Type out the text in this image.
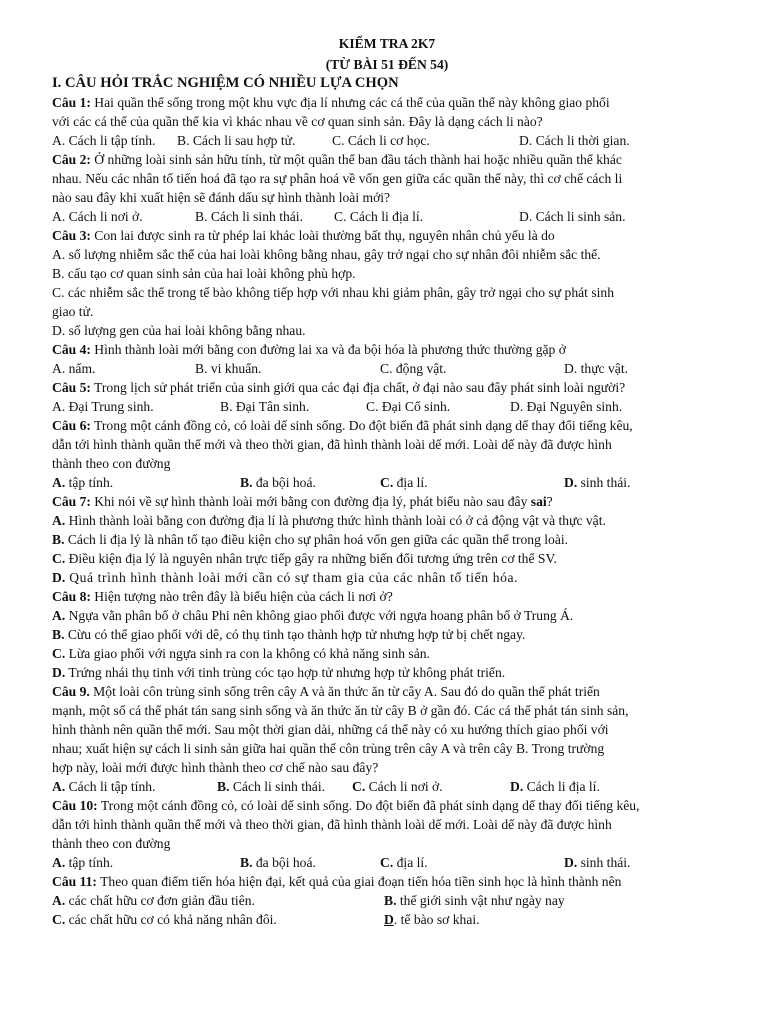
KIỂM TRA 2K7

(TỪ BÀI 51 ĐẾN 54)

I. CÂU HỎI TRẮC NGHIỆM CÓ NHIỀU LỰA CHỌN

Câu 1: Hai quần thể sống trong một khu vực địa lí nhưng các cá thể của quần thể này không giao phối

với các cá thể của quần thể kia vì khác nhau về cơ quan sinh sản. Đây là dạng cách li nào?

A. Cách li tập tính. B. Cách li sau hợp tử.	C. Cách li cơ học.	D. Cách li thời gian.

Câu 2: Ở những loài sinh sản hữu tính, từ một quần thể ban đầu tách thành hai hoặc nhiều quần thể khác

nhau. Nếu các nhân tố tiến hoá đã tạo ra sự phân hoá về vốn gen giữa các quần thể này, thì cơ chế cách li

nào sau đây khi xuất hiện sẽ đánh dấu sự hình thành loài mới?

A. Cách li nơi ở.	B. Cách li sinh thái. C. Cách li địa lí.	D. Cách li sinh sản.

Câu 3: Con lai được sinh ra từ phép lai khác loài thường bất thụ, nguyên nhân chủ yếu là do

A. số lượng nhiễm sắc thể của hai loài không bằng nhau, gây trở ngại cho sự nhân đôi nhiễm sắc thể.

B. cấu tạo cơ quan sinh sản của hai loài không phù hợp.

C. các nhiễm sắc thể trong tế bào không tiếp hợp với nhau khi giảm phân, gây trở ngại cho sự phát sinh

giao tử.

D. số lượng gen của hai loài không bằng nhau.

Câu 4: Hình thành loài mới bằng con đường lai xa và đa bội hóa là phương thức thường gặp ở

A. nấm.	B. vi khuẩn.	C. động vật.	D. thực vật.

Câu 5: Trong lịch sử phát triển của sinh giới qua các đại địa chất, ở đại nào sau đây phát sinh loài người?

A. Đại Trung sinh.	B. Đại Tân sinh.	C. Đại Cổ sinh.	D. Đại Nguyên sinh.

Câu 6: Trong một cánh đồng cỏ, có loài dế sinh sống. Do đột biến đã phát sinh dạng dế thay đổi tiếng kêu,

dẫn tới hình thành quần thể mới và theo thời gian, đã hình thành loài dế mới. Loài dế này đã được hình

thành theo con đường

A. tập tính.	B. đa bội hoá.	C. địa lí.	D. sinh thái.

Câu 7: Khi nói về sự hình thành loài mới bằng con đường địa lý, phát biểu nào sau đây sai?

A. Hình thành loài bằng con đường địa lí là phương thức hình thành loài có ở cả động vật và thực vật.

B. Cách li địa lý là nhân tố tạo điều kiện cho sự phân hoá vốn gen giữa các quần thể trong loài.

C. Điều kiện địa lý là nguyên nhân trực tiếp gây ra những biến đổi tương ứng trên cơ thể SV.

D. Quá trình hình thành loài mới cần có sự tham gia của các nhân tố tiến hóa.

Câu 8: Hiện tượng nào trên đây là biểu hiện của cách li nơi ở?

A. Ngựa vằn phân bố ở châu Phi nên không giao phối được với ngựa hoang phân bố ở Trung Á.

B. Cừu có thể giao phối với dê, có thụ tinh tạo thành hợp tử nhưng hợp tử bị chết ngay.

C. Lừa giao phối với ngựa sinh ra con la không có khả năng sinh sản.

D. Trứng nhái thụ tinh với tinh trùng cóc tạo hợp tử nhưng hợp tử không phát triển.

Câu 9. Một loài côn trùng sinh sống trên cây A và ăn thức ăn từ cây A. Sau đó do quần thể phát triển

mạnh, một số cá thể phát tán sang sinh sống và ăn thức ăn từ cây B ở gần đó. Các cá thể phát tán sinh sản,

hình thành nên quần thể mới. Sau một thời gian dài, những cá thể này có xu hướng thích giao phối với

nhau; xuất hiện sự cách li sinh sản giữa hai quần thể côn trùng trên cây A và trên cây B. Trong trường

hợp này, loài mới được hình thành theo cơ chế nào sau đây?

A. Cách li tập tính.	B. Cách li sinh thái. C. Cách li nơi ở.	D. Cách li địa lí.

Câu 10: Trong một cánh đồng cỏ, có loài dế sinh sống. Do đột biến đã phát sinh dạng dế thay đổi tiếng kêu,

dẫn tới hình thành quần thể mới và theo thời gian, đã hình thành loài dế mới. Loài dế này đã được hình

thành theo con đường

A. tập tính.	B. đa bội hoá.	C. địa lí.	D. sinh thái.

Câu 11: Theo quan điểm tiến hóa hiện đại, kết quả của giai đoạn tiến hóa tiền sinh học là hình thành nên

A. các chất hữu cơ đơn giản đầu tiên.	B. thế giới sinh vật như ngày nay
C. các chất hữu cơ có khả năng nhân đôi.	D. tế bào sơ khai.
